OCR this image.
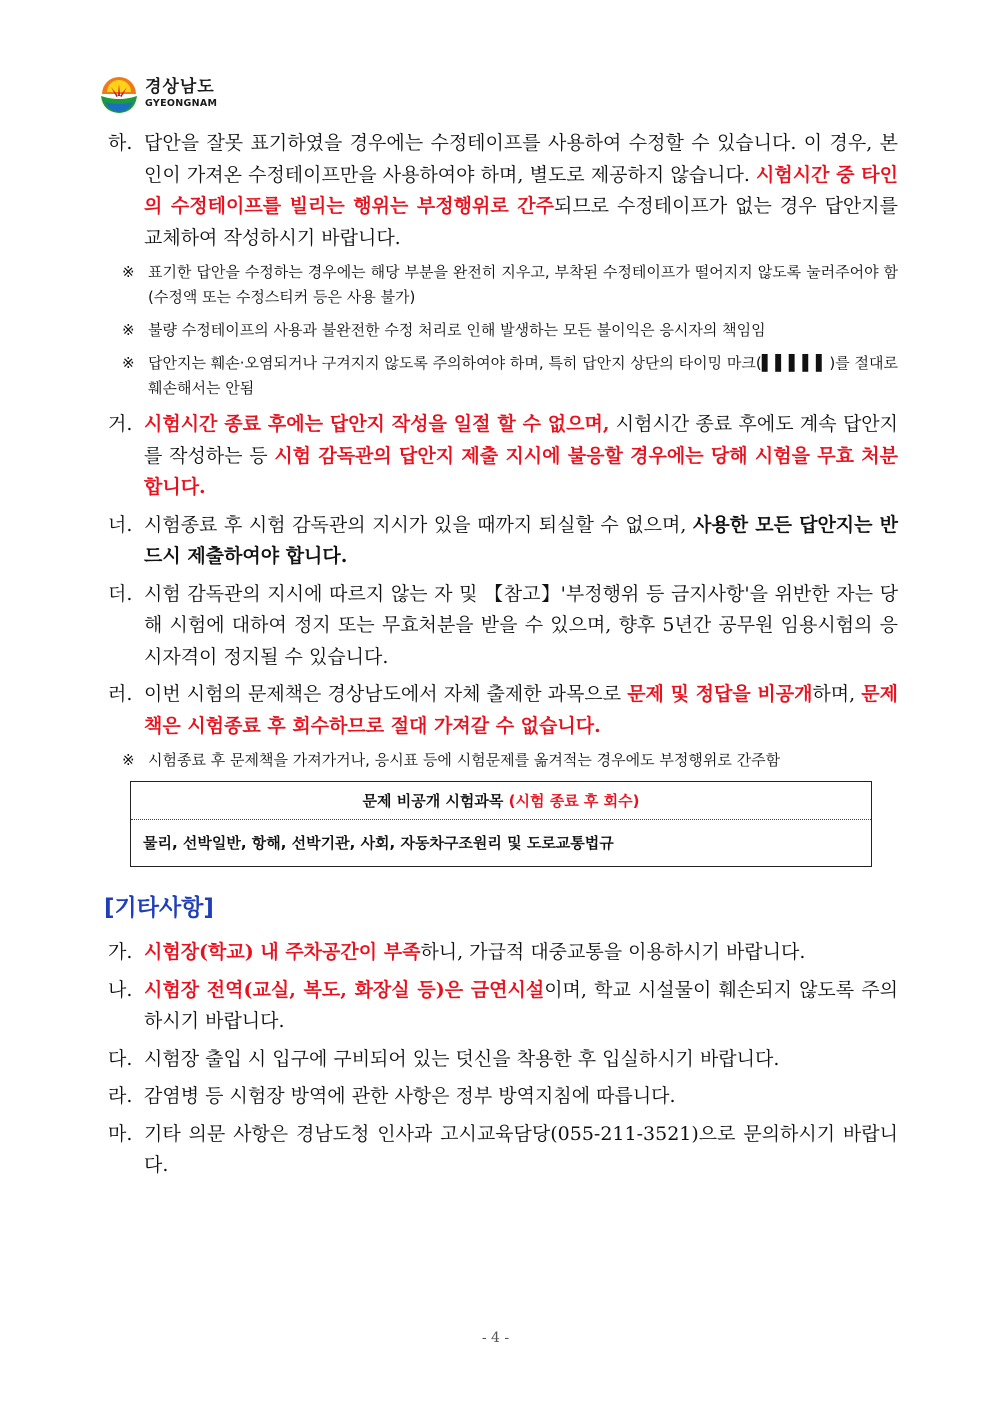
경상남도
GYEONGNAM
하. 답안을 잘못 표기하였을 경우에는 수정테이프를 사용하여 수정할 수 있습니다. 이 경우, 본인이 가져온 수정테이프만을 사용하여야 하며, 별도로 제공하지 않습니다. 시험시간 중 타인의 수정테이프를 빌리는 행위는 부정행위로 간주되므로 수정테이프가 없는 경우 답안지를 교체하여 작성하시기 바랍니다.
※ 표기한 답안을 수정하는 경우에는 해당 부분을 완전히 지우고, 부착된 수정테이프가 떨어지지 않도록 눌러주어야 함(수정액 또는 수정스티커 등은 사용 불가)
※ 불량 수정테이프의 사용과 불완전한 수정 처리로 인해 발생하는 모든 불이익은 응시자의 책임임
※ 답안지는 훼손·오염되거나 구겨지지 않도록 주의하여야 하며, 특히 답안지 상단의 타이밍 마크(▌▌▌▌▌)를 절대로 훼손해서는 안됨
거. 시험시간 종료 후에는 답안지 작성을 일절 할 수 없으며, 시험시간 종료 후에도 계속 답안지를 작성하는 등 시험 감독관의 답안지 제출 지시에 불응할 경우에는 당해 시험을 무효 처분합니다.
너. 시험종료 후 시험 감독관의 지시가 있을 때까지 퇴실할 수 없으며, 사용한 모든 답안지는 반드시 제출하여야 합니다.
더. 시험 감독관의 지시에 따르지 않는 자 및 【참고】'부정행위 등 금지사항'을 위반한 자는 당해 시험에 대하여 정지 또는 무효처분을 받을 수 있으며, 향후 5년간 공무원 임용시험의 응시자격이 정지될 수 있습니다.
러. 이번 시험의 문제책은 경상남도에서 자체 출제한 과목으로 문제 및 정답을 비공개하며, 문제책은 시험종료 후 회수하므로 절대 가져갈 수 없습니다.
※ 시험종료 후 문제책을 가져가거나, 응시표 등에 시험문제를 옮겨적는 경우에도 부정행위로 간주함
문제 비공개 시험과목 (시험 종료 후 회수)
물리, 선박일반, 항해, 선박기관, 사회, 자동차구조원리 및 도로교통법규
[기타사항]
가. 시험장(학교) 내 주차공간이 부족하니, 가급적 대중교통을 이용하시기 바랍니다.
나. 시험장 전역(교실, 복도, 화장실 등)은 금연시설이며, 학교 시설물이 훼손되지 않도록 주의하시기 바랍니다.
다. 시험장 출입 시 입구에 구비되어 있는 덧신을 착용한 후 입실하시기 바랍니다.
라. 감염병 등 시험장 방역에 관한 사항은 정부 방역지침에 따릅니다.
마. 기타 의문 사항은 경남도청 인사과 고시교육담당(055-211-3521)으로 문의하시기 바랍니다.
- 4 -
